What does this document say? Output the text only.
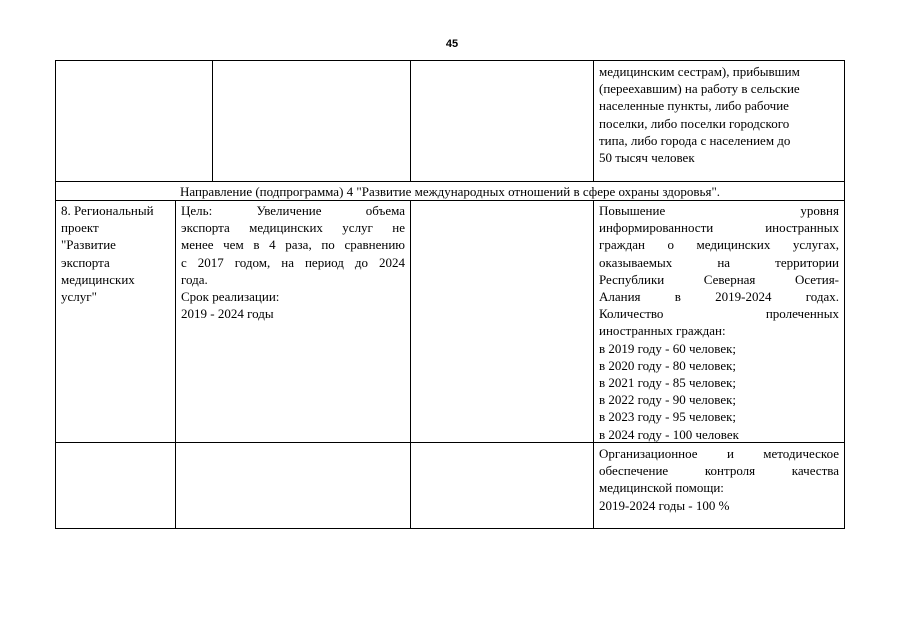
45
медицинским сестрам), прибывшим
(переехавшим) на работу в сельские
населенные пункты, либо рабочие
поселки, либо поселки городского
типа, либо города с населением до
50 тысяч человек
Направление (подпрограмма) 4 "Развитие международных отношений в сфере охраны здоровья".
8. Региональный
проект
"Развитие
экспорта
медицинских
услуг"
Цель: Увеличение объема
экспорта медицинских услуг не
менее чем в 4 раза, по сравнению
с 2017 годом, на период до 2024
года.
Срок реализации:
2019 - 2024 годы
Повышение уровня
информированности иностранных
граждан о медицинских услугах,
оказываемых на территории
Республики Северная Осетия-
Алания в 2019-2024 годах.
Количество пролеченных
иностранных граждан:
в 2019 году - 60 человек;
в 2020 году - 80 человек;
в 2021 году - 85 человек;
в 2022 году - 90 человек;
в 2023 году - 95 человек;
в 2024 году - 100 человек
Организационное и методическое
обеспечение контроля качества
медицинской помощи:
2019-2024 годы - 100 %
